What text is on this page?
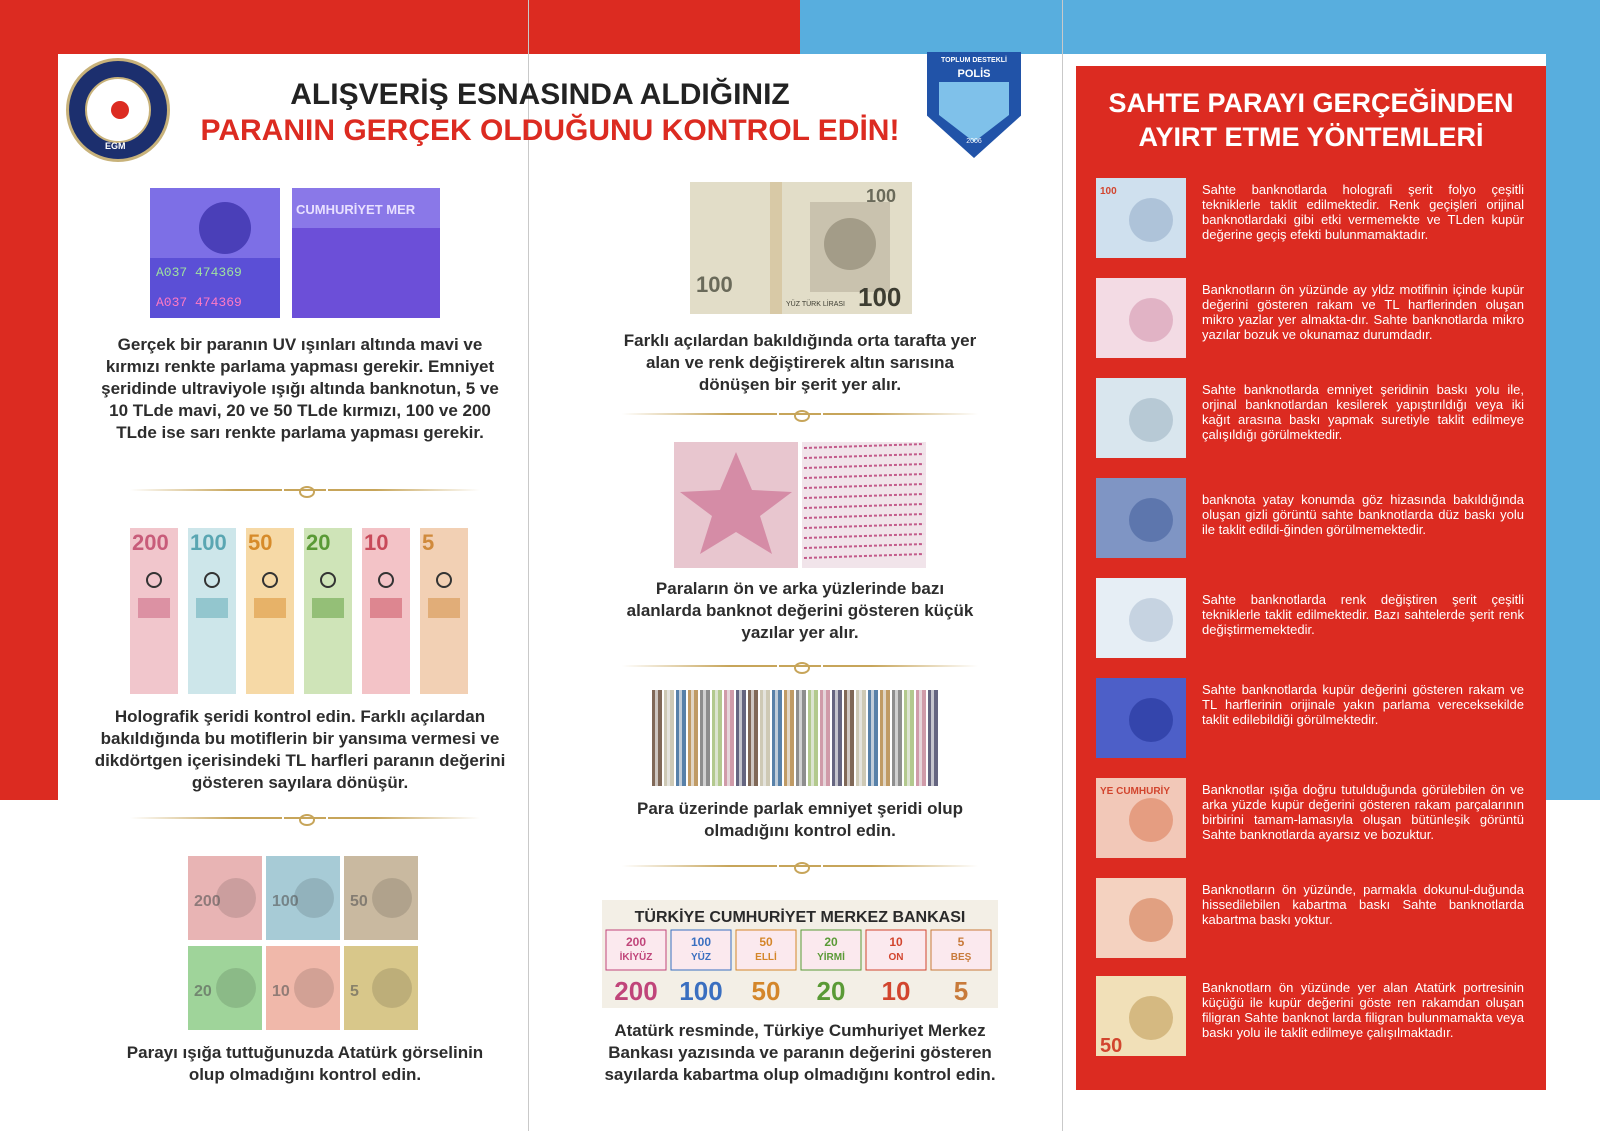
EGM
TOPLUM DESTEKLİ
POLİS
2006
ALIŞVERİŞ ESNASINDA ALDIĞINIZ
PARANIN GERÇEK OLDUĞUNU KONTROL EDİN!
A037 474369
A037 474369
CUMHURİYET MER
Gerçek bir paranın UV ışınları altında mavi ve kırmızı renkte parlama yapması gerekir. Emniyet şeridinde ultraviyole ışığı altında banknotun, 5 ve 10 TLde mavi, 20 ve 50 TLde kırmızı, 100 ve 200 TLde ise sarı renkte parlama yapması gerekir.
200 100 50 20 10 5
Holografik şeridi kontrol edin. Farklı açılardan bakıldığında bu motiflerin bir yansıma vermesi ve dikdörtgen içerisindeki TL harfleri paranın değerini gösteren sayılara dönüşür.
200	100	50
20	10	5
Parayı ışığa tuttuğunuzda Atatürk görselinin olup olmadığını kontrol edin.
100
100	100
YÜZ TÜRK LİRASI
Farklı açılardan bakıldığında orta tarafta yer alan ve renk değiştirerek altın sarısına dönüşen bir şerit yer alır.
Paraların ön ve arka yüzlerinde bazı alanlarda banknot değerini gösteren küçük yazılar yer alır.
Para üzerinde parlak emniyet şeridi olup olmadığını kontrol edin.
TÜRKİYE CUMHURİYET MERKEZ BANKASI
200
İKİYÜZ
200
100
YÜZ
100
50
ELLİ
50
20
YİRMİ
20
10
ON
10
5
BEŞ
5
Atatürk resminde, Türkiye Cumhuriyet Merkez Bankası yazısında ve paranın değerini gösteren sayılarda kabartma olup olmadığını kontrol edin.
SAHTE PARAYI GERÇEĞİNDEN
AYIRT ETME YÖNTEMLERİ
100	Sahte banknotlarda holografi şerit folyo çeşitli tekniklerle taklit edilmektedir. Renk geçişleri orijinal banknotlardaki gibi etki vermemekte ve TLden kupür değerine geçiş efekti bulunmamaktadır.
Banknotların ön yüzünde ay yldz motifinin içinde kupür değerini gösteren rakam ve TL harflerinden oluşan mikro yazlar yer almakta-dır. Sahte banknotlarda mikro yazılar bozuk ve okunamaz durumdadır.
Sahte banknotlarda emniyet şeridinin baskı yolu ile, orjinal banknotlardan kesilerek yapıştırıldığı veya iki kağıt arasına baskı yapmak suretiyle taklit edilmeye çalışıldığı görülmektedir.
banknota yatay konumda göz hizasında bakıldığında oluşan gizli görüntü sahte banknotlarda düz baskı yolu ile taklit edildi-ğinden görülmemektedir.
Sahte banknotlarda renk değiştiren şerit çeşitli tekniklerle taklit edilmektedir. Bazı sahtelerde şerit renk değiştirmemektedir.
Sahte banknotlarda kupür değerini gösteren rakam ve TL harflerinin orijinale yakın parlama vereceksekilde taklit edilebildiği görülmektedir.
YE CUMHURİY Banknotlar ışığa doğru tutulduğunda görülebilen ön ve arka yüzde kupür değerini gösteren rakam parçalarının birbirini tamam-lamasıyla oluşan bütünleşik görüntü Sahte banknotlarda ayarsız ve bozuktur.
Banknotların ön yüzünde, parmakla dokunul-duğunda hissedilebilen kabartma baskı Sahte banknotlarda kabartma baskı yoktur.
50
Banknotlarn ön yüzünde yer alan Atatürk portresinin küçüğü ile kupür değerini göste ren rakamdan oluşan filigran Sahte banknot larda filigran bulunmamakta veya baskı yolu ile taklit edilmeye çalışılmaktadır.
